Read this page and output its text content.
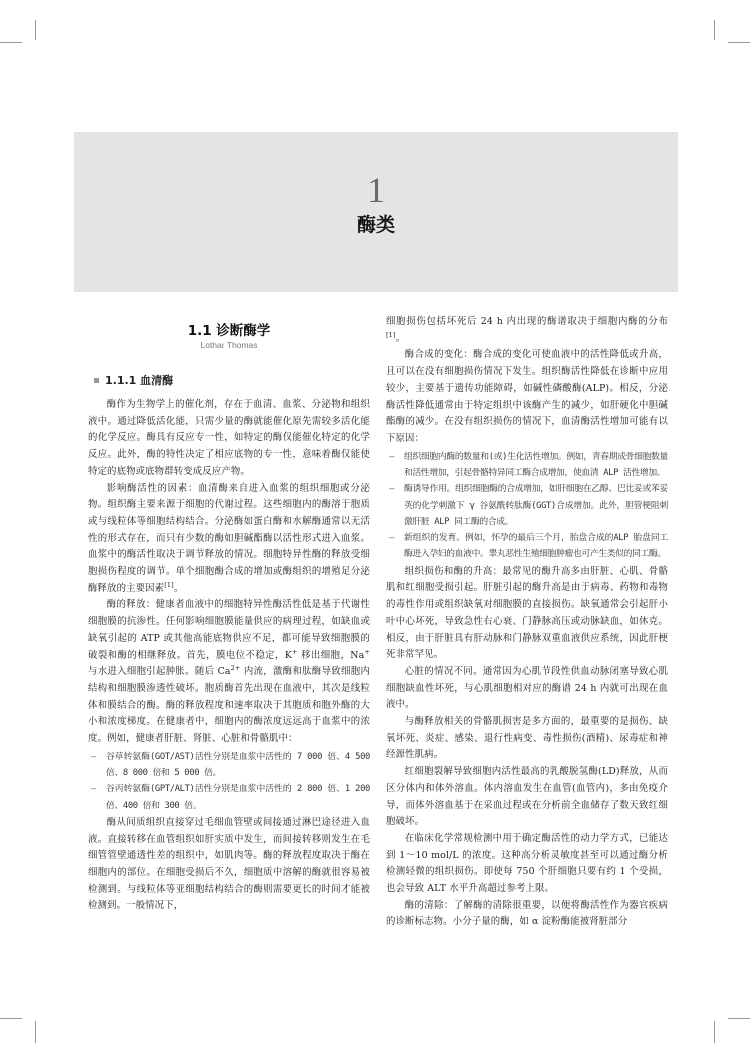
1
酶类
1.1 诊断酶学
Lothar Thomas
1.1.1 血清酶

酶作为生物学上的催化剂，存在于血清、血浆、分泌物和组织液中。通过降低活化能，只需少量的酶就能催化原先需较多活化能的化学反应。酶具有反应专一性，如特定的酶仅能催化特定的化学反应。此外，酶的特性决定了相应底物的专一性，意味着酶仅能使特定的底物或底物群转变成反应产物。

影响酶活性的因素：血清酶来自进入血浆的组织细胞或分泌物。组织酶主要来源于细胞的代谢过程。这些细胞内的酶溶于胞质或与线粒体等细胞结构结合。分泌酶如蛋白酶和水解酶通常以无活性的形式存在，而只有少数的酶如胆碱酯酶以活性形式进入血浆。血浆中的酶活性取决于调节释放的情况。细胞特异性酶的释放受细胞损伤程度的调节。单个细胞酶合成的增加或酶组织的增殖足分泌酶释放的主要因素[1]。

酶的释放：健康者血液中的细胞特异性酶活性低是基于代谢性细胞膜的抗渗性。任何影响细胞膜能量供应的病理过程，如缺血或缺氧引起的 ATP 或其他高能底物供应不足，都可能导致细胞膜的破裂和酶的相继释放。首先，膜电位不稳定，K+ 移出细胞，Na+ 与水进入细胞引起肿胀。随后 $Ca^{2+}$ 内流，激酶和肽酶导致细胞内结构和细胞膜渗透性破坏。胞质酶首先出现在血液中，其次是线粒体和膜结合的酶。酶的释放程度和速率取决于其胞质和胞外酶的大小和浓度梯度。在健康者中，细胞内的酶浓度远远高于血浆中的浓度。例如，健康者肝脏、肾脏、心脏和骨骼肌中：

– 谷草转氨酶(GOT/AST)活性分别是血浆中活性的 7 000 倍、4 500 倍、8 000 倍和 5 000 倍。
– 谷丙转氨酶(GPT/ALT)活性分别是血浆中活性的 2 800 倍、1 200 倍、400 倍和 300 倍。

酶从间质组织直接穿过毛细血管壁或间接通过淋巴途径进入血液。直接转移在血管组织如肝实质中发生，而间接转移则发生在毛细管管壁通透性差的组织中，如肌肉等。酶的释放程度取决于酶在细胞内的部位。在细胞受损后不久，细胞质中溶解的酶就很容易被检测到。与线粒体等亚细胞结构结合的酶则需要更长的时间才能被检测到。一般情况下，

细胞损伤包括坏死后 24 h 内出现的酶谱取决于细胞内酶的分布[1]。

酶合成的变化：酶合成的变化可使血液中的活性降低或升高，且可以在没有细胞损伤情况下发生。组织酶活性降低在诊断中应用较少，主要基于遗传功能障碍，如碱性磷酸酶(ALP)。相反，分泌酶活性降低通常由于特定组织中该酶产生的减少，如肝硬化中胆碱酯酶的减少。在没有组织损伤的情况下，血清酶活性增加可能有以下原因：

– 组织细胞内酶的数量和(或)生化活性增加。例如，青春期成骨细胞数量和活性增加，引起骨骼特异同工酶合成增加，使血清 ALP 活性增加。
– 酶诱导作用。组织细胞酶的合成增加，如肝细胞在乙醇、巴比妥或苯妥英的化学刺激下 γ 谷氨酰转肽酶(GGT)合成增加。此外，胆管梗阻刺激肝脏 ALP 同工酶的合成。
– 新组织的发育。例如，怀孕的最后三个月，胎盘合成的ALP 胎盘同工酶进入孕妇的血液中。睾丸恶性生殖细胞肿瘤也可产生类似的同工酶。

组织损伤和酶的升高：最常见的酶升高多由肝脏、心肌、骨骼肌和红细胞受损引起。肝脏引起的酶升高是由于病毒、药物和毒物的毒性作用或组织缺氧对细胞膜的直接损伤。缺氧通常会引起肝小叶中心坏死，导致急性右心衰、门静脉高压或动脉缺血，如休克。相反，由于肝脏具有肝动脉和门静脉双重血液供应系统，因此肝梗死非常罕见。

心脏的情况不同。通常因为心肌节段性供血动脉闭塞导致心肌细胞缺血性坏死，与心肌细胞相对应的酶谱 24 h 内就可出现在血液中。

与酶释放相关的骨骼肌损害是多方面的，最重要的是损伤、缺氧坏死、炎症、感染、退行性病变、毒性损伤(酒精)、尿毒症和神经源性肌病。

红细胞裂解导致细胞内活性最高的乳酸脱氢酶(LD)释放，从而区分体内和体外溶血。体内溶血发生在血管(血管内)，多由免疫介导，而体外溶血基于在采血过程或在分析前全血储存了数天致红细胞破坏。

在临床化学常规检测中用于确定酶活性的动力学方式，已能达到 1～10 mol/L 的浓度。这种高分析灵敏度甚至可以通过酶分析检测轻微的组织损伤。即使每 750 个肝细胞只要有约 1 个受损，也会导致 ALT 水平升高超过参考上限。

酶的清除：了解酶的清除很重要，以便将酶活性作为器官疾病的诊断标志物。小分子量的酶，如 α 淀粉酶能被肾脏部分
